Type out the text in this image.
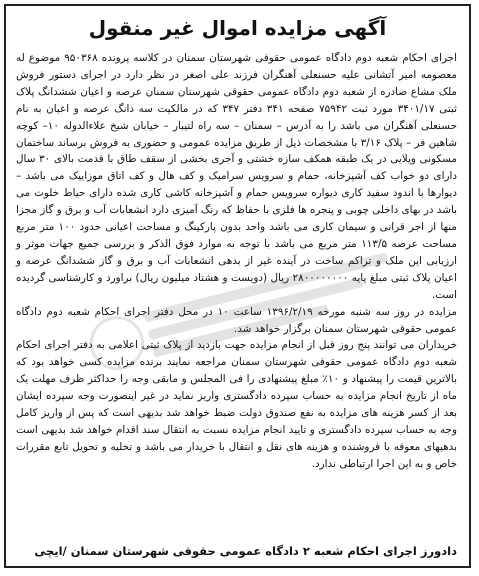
آگهی مزایده اموال غیر منقول

اجرای احکام شعبه دوم دادگاه عمومی حقوقی شهرستان سمنان در کلاسه پرونده ۹۵۰۳۶۸ موضوع له معصومه امیر آتشانی علیه حسنعلی آهنگران فرزند علی اصغر در نظر دارد در اجرای دستور فروش ملک مشاع صادره از شعبه دوم دادگاه عمومی حقوقی شهرستان سمنان عرصه و اعیان ششدانگ پلاک ثبتی ۳۴۰۱/۱۷ مورد ثبت ۷۵۹۴۲ صفحه ۳۴۱ دفتر ۳۴۷ که در مالکیت سه دانگ عرصه و اعیان به نام حسنعلی آهنگران می باشد را به آدرس – سمنان – سه راه لتیبار – خیابان شیخ علاءالدوله ۱۰– کوچه شاهین فر – پلاک ۳/۱۶ با مشخصات ذیل از طریق مزایده عمومی و حضوری به فروش برساند ساختمان مسکونی ویلایی در یک طبقه همکف سازه خشتی و آجری بخشی از سقف طاق با قدمت بالای ۳۰ سال دارای دو خواب کف آشپزخانه، حمام و سرویس سرامیک و کف هال و کف اتاق موزاییک می باشد – دیوارها با اندود سفید کاری دیواره سرویس حمام و آشپزخانه کاشی کاری شده دارای حیاط خلوت می باشد در بهای داخلی چوبی و پنجره ها فلزی با حفاظ که رنگ آمیزی دارد انشعابات آب و برق و گاز مجزا منها از اجر قرانی و سیمان کاری می باشد واحد بدون پارکینگ و مساحت اعیانی حدود ۱۰۰ متر مربع مساحت عرصه ۱۱۳/۵ متر مربع می باشد با توجه به موارد فوق الذکر و بررسی جمیع جهات موثر و ارزیابی این ملک و تراکم ساخت در آینده غیر از بدهی انشعابات آب و برق و گاز ششدانگ عرصه و اعیان پلاک ثبتی مبلغ پایه ۲۸۰۰۰۰۰۰۰۰ ریال (دویست و هشتاد میلیون ریال) براورد و کارشناسی گردیده است.

مزایده در روز سه شنبه مورخه ۱۳۹۶/۲/۱۹ ساعت ۱۰ در محل دفتر اجرای احکام شعبه دوم دادگاه عمومی حقوقی شهرستان سمنان برگزار خواهد شد.

خریداران می توانند پنج روز قبل از انجام مزایده جهت بازدید از پلاک ثبتی اعلامی به دفتر اجرای احکام شعبه دوم دادگاه عمومی حقوقی شهرستان سمنان مراجعه نمایند برنده مزایده کسی خواهد بود که بالاترین قیمت را پیشنهاد و ۱۰٪ مبلغ پیشنهادی را فی المجلس و مابقی وجه را حداکثر ظرف مهلت یک ماه از تاریخ انجام مزایده به حساب سپرده دادگستری واریز نماید در غیر اینصورت وجه سپرده ایشان بعد از کسر هزینه های مزایده به نفع صندوق دولت ضبط خواهد شد بدیهی است که پس از واریز کامل وجه به حساب سپرده دادگستری و تایید انجام مزایده نسبت به انتقال سند اقدام خواهد شد بدیهی است بدهیهای معوقه با فروشنده و هزینه های نقل و انتقال با خریدار می باشد و تخلیه و تحویل تابع مقررات خاص و به این اجرا ارتباطی ندارد.

دادورز اجرای احکام شعبه ۲ دادگاه عمومی حقوقی شهرستان سمنان /ایچی
